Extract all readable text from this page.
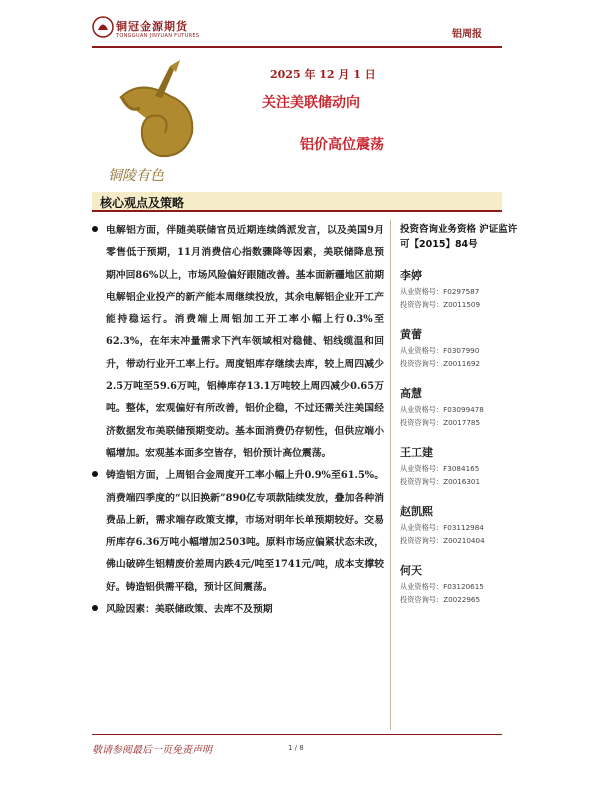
铜冠金源期货
TONGGUAN JINYUAN FUTURES	铝周报
铜陵有色
2025 年 12 月 1 日
关注美联储动向
铝价高位震荡
核心观点及策略

电解铝方面，伴随美联储官员近期连续鸽派发言，以及美国9月零售低于预期，11月消费信心指数骤降等因素，美联储降息预期冲回86%以上，市场风险偏好跟随改善。基本面新疆地区前期电解铝企业投产的新产能本周继续投放，其余电解铝企业开工产能持稳运行。消费端上周铝加工开工率小幅上行0.3%至62.3%，在年末冲量需求下汽车领域相对稳健、铝线缆温和回升，带动行业开工率上行。周度铝库存继续去库，较上周四减少2.5万吨至59.6万吨，铝棒库存13.1万吨较上周四减少0.65万吨。整体，宏观偏好有所改善，铝价企稳，不过还需关注美国经济数据发布美联储预期变动。基本面消费仍存韧性，但供应端小幅增加。宏观基本面多空皆存，铝价预计高位震荡。

铸造铝方面，上周铝合金周度开工率小幅上升0.9%至61.5%。消费端四季度的“以旧换新”890亿专项款陆续发放，叠加各种消费品上新，需求端存政策支撑，市场对明年长单预期较好。交易所库存6.36万吨小幅增加2503吨。原料市场应偏紧状态未改，佛山破碎生铝精废价差周内跌4元/吨至1741元/吨，成本支撑较好。铸造铝供需平稳，预计区间震荡。

风险因素：美联储政策、去库不及预期

投资咨询业务资格 沪证监许可【2015】84号
李婷
从业资格号：F0297587
投资咨询号：Z0011509
黄蕾
从业资格号：F0307990
投资咨询号：Z0011692
高慧
从业资格号：F03099478
投资咨询号：Z0017785
王工建
从业资格号：F3084165
投资咨询号：Z0016301
赵凯熙
从业资格号：F03112984
投资咨询号：Z00210404
何天
从业资格号：F03120615
投资咨询号：Z0022965
敬请参阅最后一页免责声明	1 / 8
